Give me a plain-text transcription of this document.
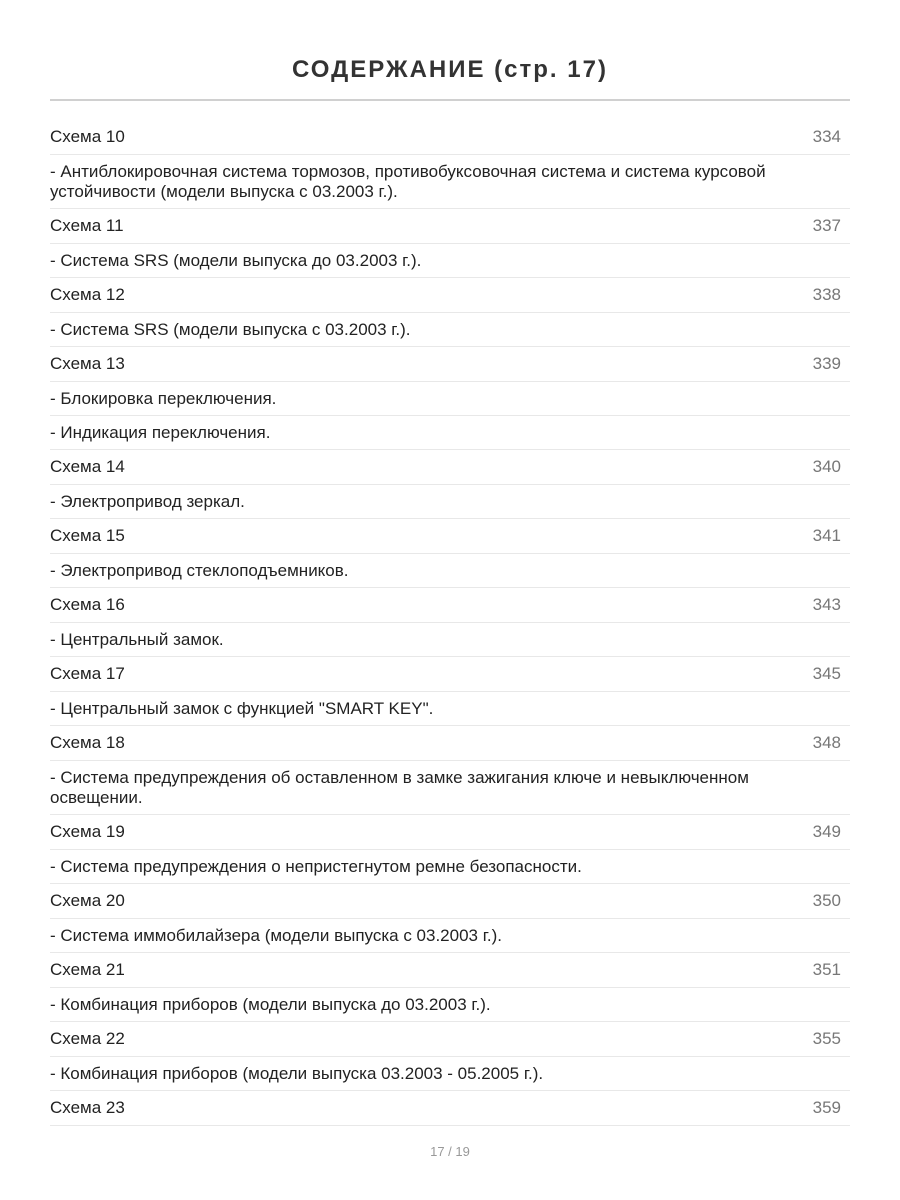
СОДЕРЖАНИЕ (стр. 17)
Схема 10	334
- Антиблокировочная система тормозов, противобуксовочная система и система курсовой устойчивости (модели выпуска с 03.2003 г.).
Схема 11	337
- Система SRS (модели выпуска до 03.2003 г.).
Схема 12	338
- Система SRS (модели выпуска с 03.2003 г.).
Схема 13	339
- Блокировка переключения.
- Индикация переключения.
Схема 14	340
- Электропривод зеркал.
Схема 15	341
- Электропривод стеклоподъемников.
Схема 16	343
- Центральный замок.
Схема 17	345
- Центральный замок с функцией "SMART KEY".
Схема 18	348
- Система предупреждения об оставленном в замке зажигания ключе и невыключенном освещении.
Схема 19	349
- Система предупреждения о непристегнутом ремне безопасности.
Схема 20	350
- Система иммобилайзера (модели выпуска с 03.2003 г.).
Схема 21	351
- Комбинация приборов (модели выпуска до 03.2003 г.).
Схема 22	355
- Комбинация приборов (модели выпуска 03.2003 - 05.2005 г.).
Схема 23	359
17 / 19
